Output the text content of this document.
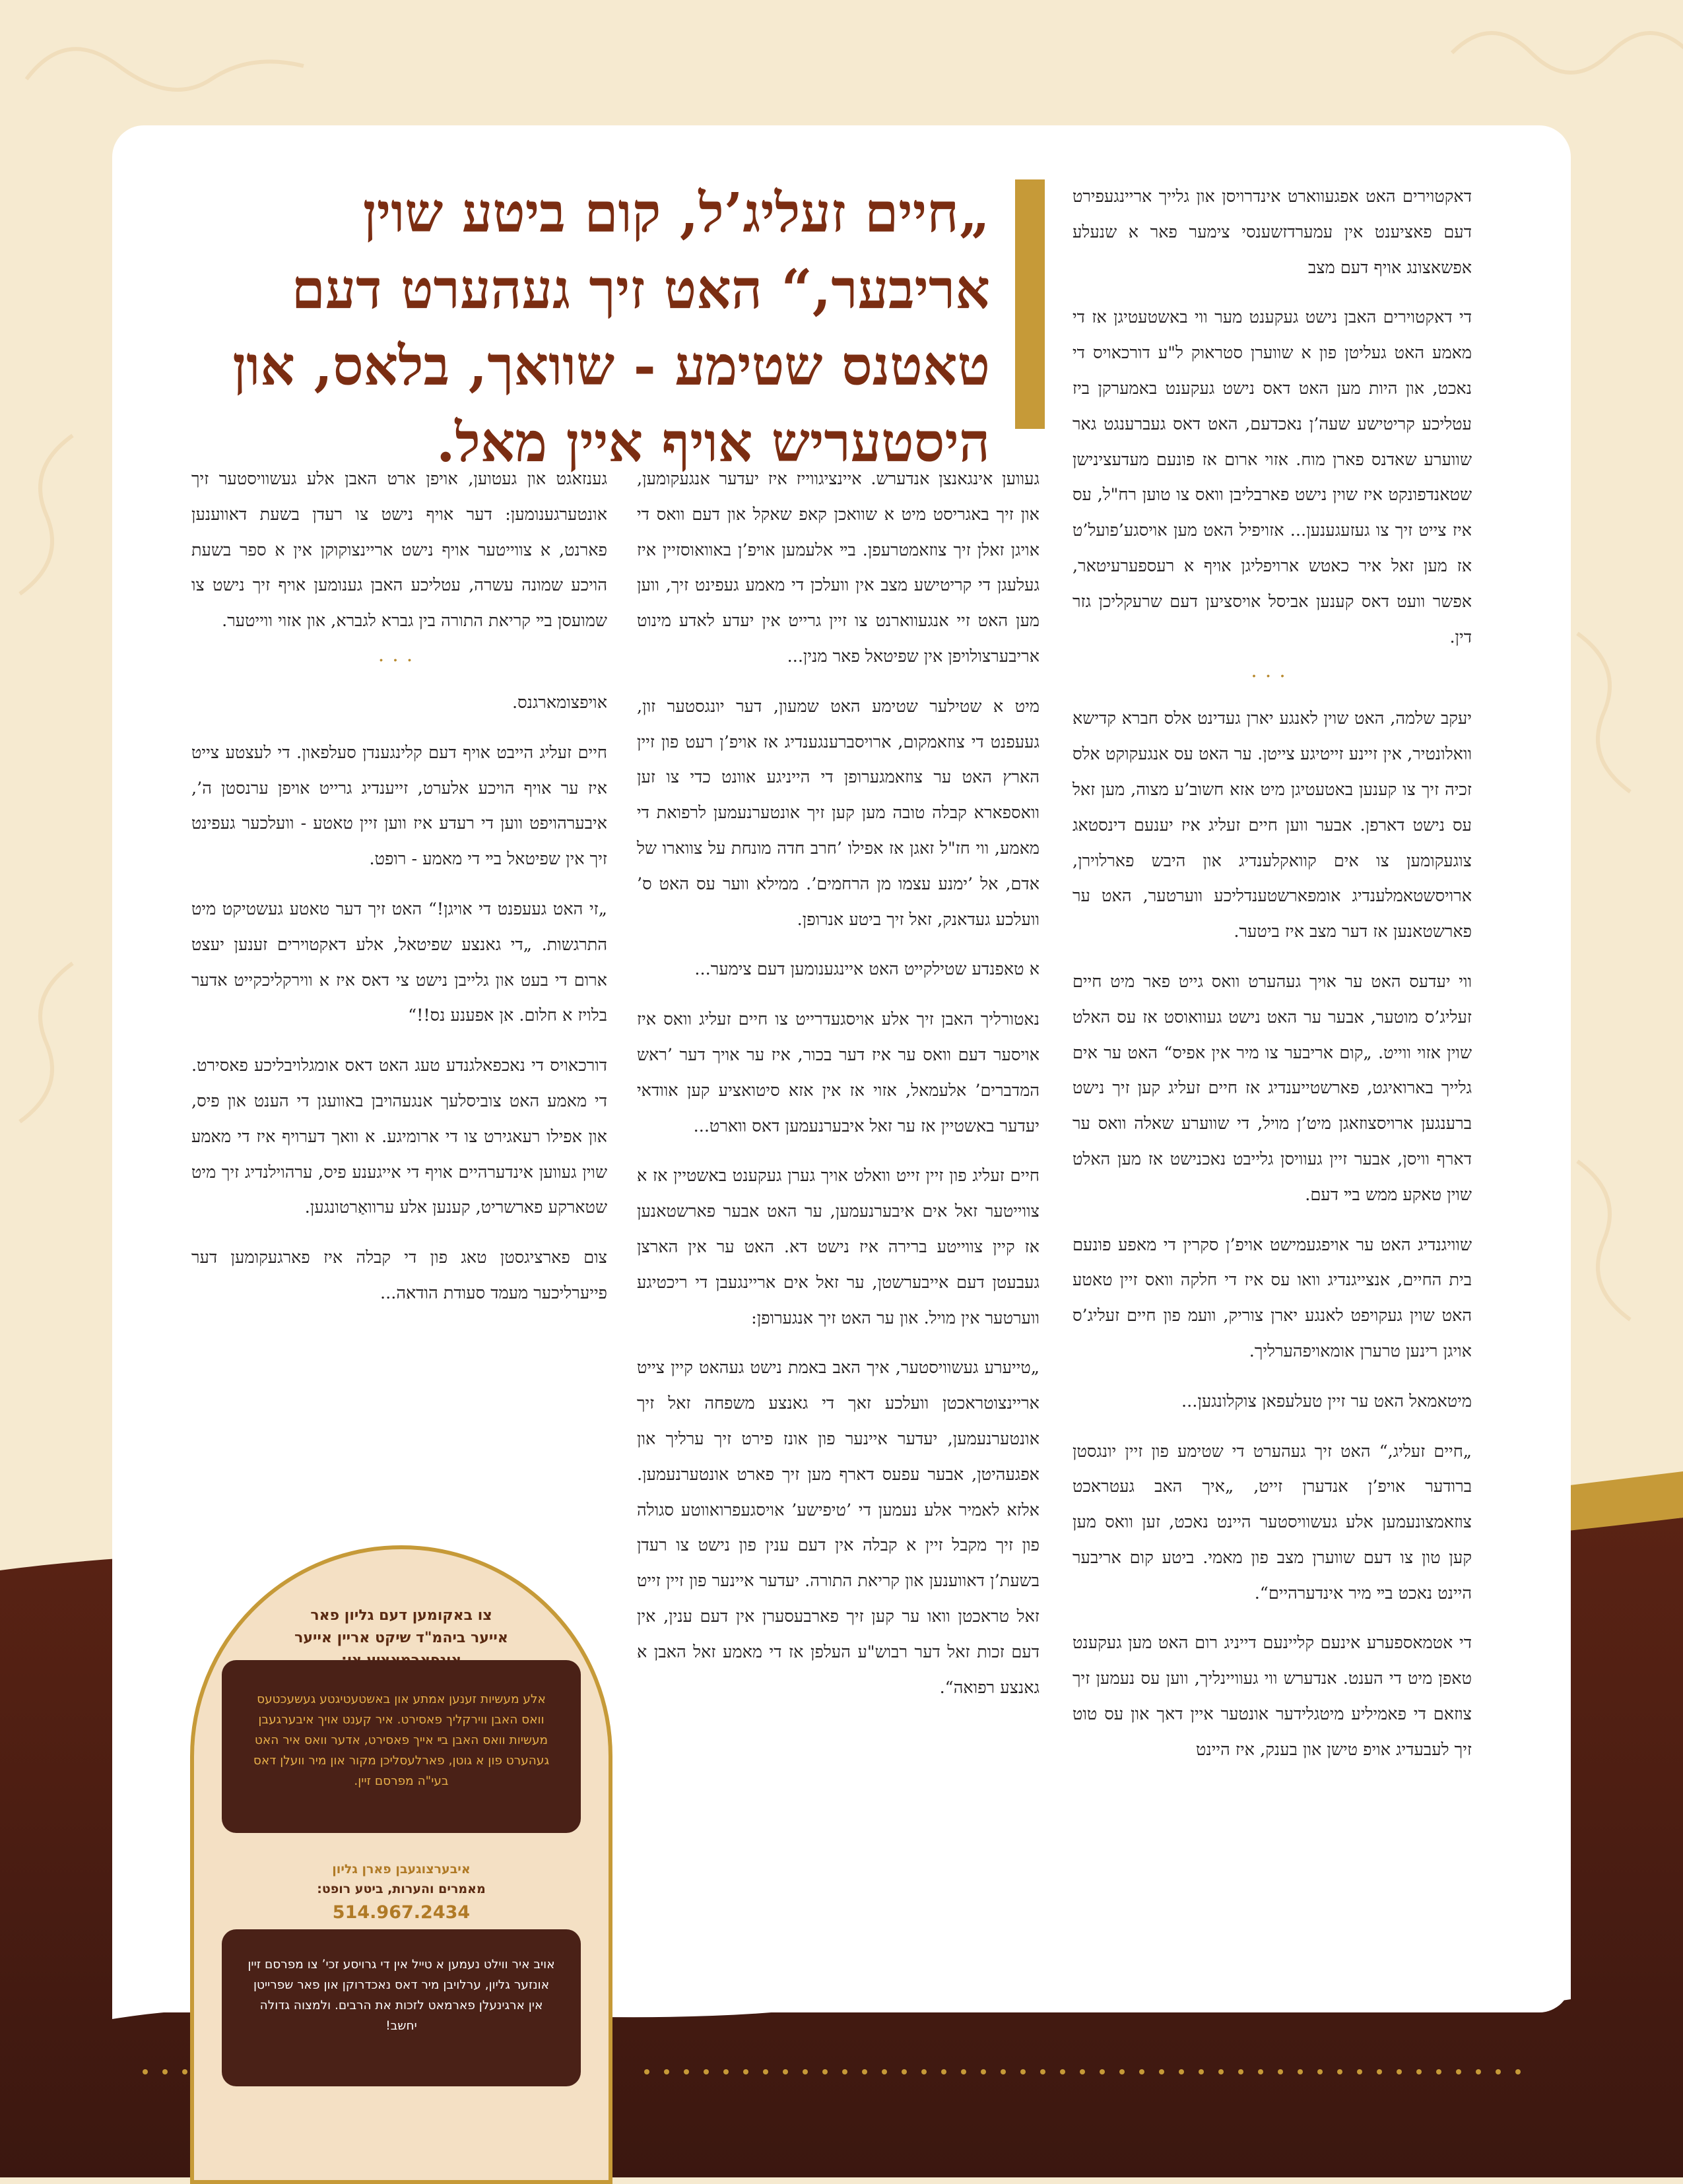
„חיים זעליג’ל, קום ביטע שוין אריבער,“ האט זיך געהערט דעם טאטנס שטימע - שוואך, בלאס, און היסטעריש אויף איין מאל.

דאקטוירים האט אפגעווארט אינדרויסן און גלייך אריינגעפירט דעם פאציענט אין עמערדזשענסי צימער פאר א שנעלע אפשאצונג אויף דעם מצב

די דאקטוירים האבן נישט געקענט מער ווי באשטעטיגן אז די מאמע האט געליטן פון א שווערן סטראוק ל"ע דורכאויס די נאכט, און היות מען האט דאס נישט געקענט באמערקן ביז עטליכע קריטישע שעה’ן נאכדעם, האט דאס געברענגט גאר שווערע שאדנס פארן מוח. אזוי ארום אז פונעם מעדעצינישן שטאנדפונקט איז שוין נישט פארבליבן וואס צו טוען רח"ל, עס איז צייט זיך צו געזעגענען... אזויפיל האט מען אויסגע’פועל’ט אז מען זאל איר כאטש ארויפליגן אויף א רעספערעיטאר, אפשר וועט דאס קענען אביסל אויסציען דעם שרעקליכן גזר דין.

...

יעקב שלמה, האט שוין לאנגע יארן געדינט אלס חברא קדישא וואלונטיר, אין זיינע זייטיגע צייטן. ער האט עס אנגעקוקט אלס זכיה זיך צו קענען באטעטיגן מיט אזא חשוב’ע מצוה, מען זאל עס נישט דארפן. אבער ווען חיים זעליג איז יענעם דינסטאג צוגעקומען צו אים קוואקלענדיג און היבש פארלוירן, ארויסשטאמלענדיג אומפארשטענדליכע ווערטער, האט ער פארשטאנען אז דער מצב איז ביטער.

ווי יעדעס האט ער אויך געהערט וואס גייט פאר מיט חיים זעליג’ס מוטער, אבער ער האט נישט געוואוסט אז עס האלט שוין אזוי ווייט. „קום אריבער צו מיר אין אפיס“ האט ער אים גלייך בארואיגט, פארשטייענדיג אז חיים זעליג קען זיך נישט ברענגען ארויסצוזאגן מיט’ן מויל, די שווערע שאלה וואס ער דארף וויסן, אבער זיין געוויסן גלייבט נאכנישט אז מען האלט שוין טאקע ממש בײ דעם.

שוויגנדיג האט ער אויפגעמישט אויפ’ן סקרין די מאפע פונעם בית החיים, אנצייגנדיג וואו עס איז די חלקה וואס זיין טאטע האט שוין געקויפט לאנגע יארן צוריק, וועמ פון חיים זעליג’ס אויגן רינען טרערן אומאויפהערליך.

מיטאמאל האט ער זיין טעלעפאן צוקלונגען...

„חיים זעליג,“ האט זיך געהערט די שטימע פון זיין יונגסטן ברודער אויפ’ן אנדערן זייט, „איך האב געטראכט צוזאמצונעמען אלע געשוויסטער היינט נאכט, זען וואס מען קען טון צו דעם שווערן מצב פון מאמי. ביטע קום אריבער היינט נאכט בײ מיר אינדערהיים“.

די אטמאספערע אינעם קליינעם דייניג רום האט מען געקענט טאפן מיט די הענט. אנדערש ווי געוויינליך, ווען עס נעמען זיך צוזאם די פאמיליע מיטגלידער אונטער איין דאך און עס טוט זיך לעבעדיג אויפ טישן און בענק, איז היינט

געווען אינגאנצן אנדערש. איינציגווייז איז יעדער אנגעקומען, און זיך באגריסט מיט א שוואכן קאפ שאקל און דעם וואס די אויגן זאלן זיך צוזאמטרעפן. בײ אלעמען אויפ’ן באוואוסזיין איז געלעגן די קריטישע מצב אין וועלכן די מאמע געפינט זיך, ווען מען האט זיי אנגעווארנט צו זיין גרייט אין יעדע לאדע מינוט אריבערצולויפן אין שפיטאל פאר מנין...

מיט א שטילער שטימע האט שמעון, דער יונגסטער זון, געעפנט די צוזאמקום, ארויסברענגענדיג אז אויפ’ן רעט פון זיין הארץ האט ער צוזאמגערופן די הייניגע אוונט כדי צו זען וואספארא קבלה טובה מען קען זיך אונטערנעמען לרפואת די מאמע, ווי חז"ל זאגן אז אפילו ’חרב חדה מונחת על צווארו של אדם, אל ’ימנע עצמו מן הרחמים’. ממילא ווער עס האט ס’ וועלכע געדאנק, זאל זיך ביטע אנרופן.

א טאפנדע שטילקייט האט איינגענומען דעם צימער...

נאטורליך האבן זיך אלע אויסגעדרייט צו חיים זעליג וואס איז אויסער דעם וואס ער איז דער בכור, איז ער אויך דער ’ראש המדברים’ אלעמאל, אזוי אז אין אזא סיטואציע קען אוודאי יעדער באשטיין אז ער זאל איבערנעמען דאס ווארט...

חיים זעליג פון זיין זייט וואלט אויך גערן געקענט באשטיין אז א צווייטער זאל אים איבערנעמען, ער האט אבער פארשטאנען אז קיין צווייטע ברירה איז נישט דא. האט ער אין הארצן געבעטן דעם אייבערשטן, ער זאל אים אריינגעבן די ריכטיגע ווערטער אין מויל. און ער האט זיך אנגערופן:

„טייערע געשוויסטער, איך האב באמת נישט געהאט קיין צייט אריינצוטראכטן וועלכע זאך די גאנצע משפחה זאל זיך אונטערנעמען, יעדער איינער פון אונז פירט זיך ערליך און אפגעהיטן, אבער עפעס דארף מען זיך פארט אונטערנעמען. אלזא לאמיר אלע נעמען די ’טיפישע’ אויסגעפרואווטע סגולה פון זיך מקבל זיין א קבלה אין דעם ענין פון נישט צו רעדן בשעת’ן דאווענען און קריאת התורה. יעדער איינער פון זיין זייט זאל טראכטן וואו ער קען זיך פארבעסערן אין דעם ענין, אין דעם זכות זאל דער רבוש"ע העלפן אז די מאמע זאל האבן א גאנצע רפואה“.

גענזאגט און געטוען, אויפן ארט האבן אלע געשוויסטער זיך אונטערגענומען: דער אויף נישט צו רעדן בשעת דאווענען פארנט, א צווייטער אויף נישט אריינצוקוקן אין א ספר בשעת הויכע שמונה עשרה, עטליכע האבן גענומען אויף זיך נישט צו שמועסן בײ קריאת התורה בין גברא לגברא, און אזוי ווייטער.

...

אויפצומארגנס.

חיים זעליג הייבט אויף דעם קלינגענדן סעלפאון. די לעצטע צייט איז ער אויף הויכע אלערט, זייענדיג גרייט אויפן ערנסטן ה’, איבערהויפט ווען די רעדע איז ווען זיין טאטע - וועלכער געפינט זיך אין שפיטאל בײ די מאמע - רופט.

„זי האט געעפנט די אויגן!“ האט זיך דער טאטע געשטיקט מיט התרגשות. „די גאנצע שפיטאל, אלע דאקטוירים זענען יעצט ארום די בעט און גלייבן נישט צי דאס איז א ווירקליכקייט אדער בלויז א חלום. אן אפענע נס!!“

דורכאויס די נאכפאלגנדע טעג האט דאס אומגלויבליכע פאסירט. די מאמע האט צוביסלעך אנגעהויבן באוועגן די הענט און פיס, און אפילו רעאגירט צו די ארומיגע. א וואך דערויף איז די מאמע שוין געווען אינדערהיים אויף די אייגענע פיס, ערהוילנדיג זיך מיט שטארקע פארשריט, קענען אלע ערוואַרטונגען.

צום פארציגסטן טאג פון די קבלה איז פארגעקומען דער פייערליכער מעמד סעודת הודאה...

צו באקומען דעם גליון פאר
אייער ביהמ"ד שיקט אריין אייער
אלע מעשיות זענען אמתע און באשטעטיגטע געשעכטעס וואס האבן ווירקליך פאסירט. איר קענט אויך איבערגעבן מעשיות וואס האבן בײ אייך פאסירט, אדער וואס איר האט געהערט פון א גוטן, פארלעסליכן מקור און מיר וועלן דאס בעי"ה מפרסם זיין.
איבערצוגעבן פארן גליון
מאמרים והערות, ביטע רופט:
514.967.2434
אויב איר ווילט נעמען א טייל אין די גרויסע זכי’ צו מפרסם זיין אונזער גליון, ערלויבן מיר דאס נאכדרוקן און פאר שפרייטן אין ארגינעלן פארמאט לזכות את הרבים. ולמצוה גדולה יחשב!
